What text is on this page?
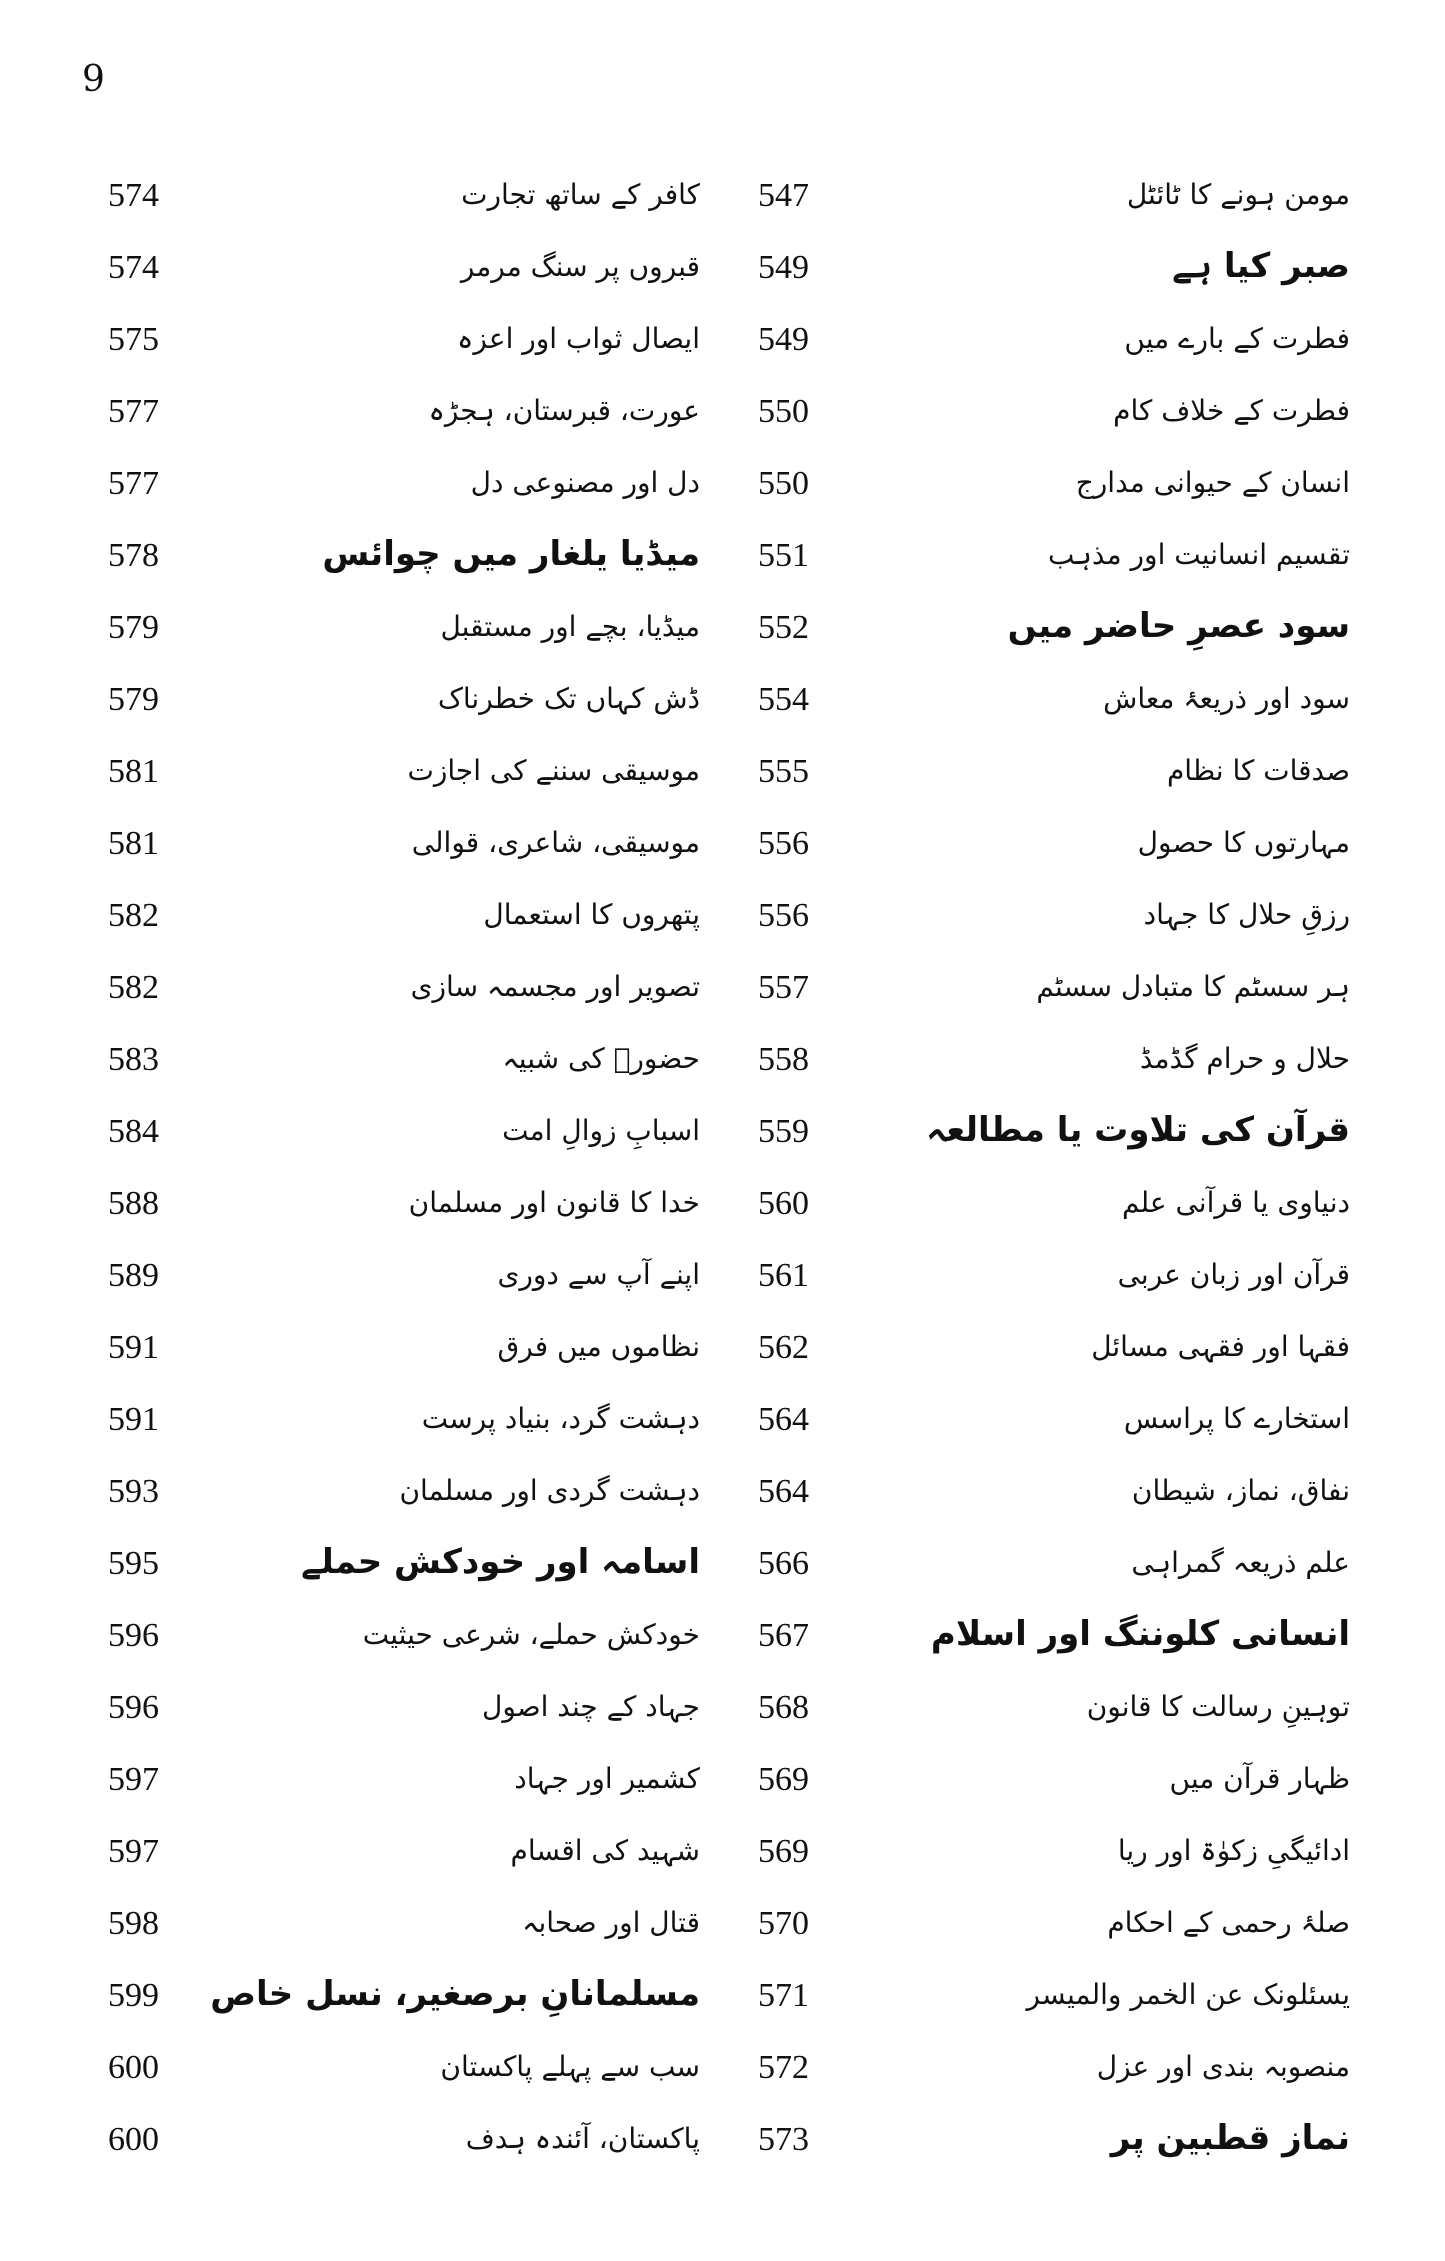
9
574	کافر کے ساتھ تجارت
574	قبروں پر سنگ مرمر
575	ایصال ثواب اور اعزہ
577	عورت، قبرستان، ہجڑہ
577	دل اور مصنوعی دل
578	میڈیا یلغار میں چوائس
579	میڈیا، بچے اور مستقبل
579	ڈش کہاں تک خطرناک
581	موسیقی سننے کی اجازت
581	موسیقی، شاعری، قوالی
582	پتھروں کا استعمال
582	تصویر اور مجسمہ سازی
583	حضورؐ کی شبیہ
584	اسبابِ زوالِ امت
588	خدا کا قانون اور مسلمان
589	اپنے آپ سے دوری
591	نظاموں میں فرق
591	دہشت گرد، بنیاد پرست
593	دہشت گردی اور مسلمان
595	اسامہ اور خودکش حملے
596	خودکش حملے، شرعی حیثیت
596	جہاد کے چند اصول
597	کشمیر اور جہاد
597	شہید کی اقسام
598	قتال اور صحابہ
599 مسلمانانِ برصغیر، نسل خاص
600	سب سے پہلے پاکستان
600	پاکستان، آئندہ ہدف
547	مومن ہونے کا ٹائٹل
549	صبر کیا ہے
549	فطرت کے بارے میں
550	فطرت کے خلاف کام
550	انسان کے حیوانی مدارج
551	تقسیم انسانیت اور مذہب
552	سود عصرِ حاضر میں
554	سود اور ذریعۂ معاش
555	صدقات کا نظام
556	مہارتوں کا حصول
556	رزقِ حلال کا جہاد
557	ہر سسٹم کا متبادل سسٹم
558	حلال و حرام گڈمڈ
559	قرآن کی تلاوت یا مطالعہ
560	دنیاوی یا قرآنی علم
561	قرآن اور زبان عربی
562	فقہا اور فقہی مسائل
564	استخارے کا پراسس
564	نفاق، نماز، شیطان
566	علم ذریعہ گمراہی
567	انسانی کلوننگ اور اسلام
568	توہینِ رسالت کا قانون
569	ظہار قرآن میں
569	ادائیگیِ زکوٰۃ اور ریا
570	صلۂ رحمی کے احکام
571	یسئلونک عن الخمر والمیسر
572	منصوبہ بندی اور عزل
573	نماز قطبین پر
